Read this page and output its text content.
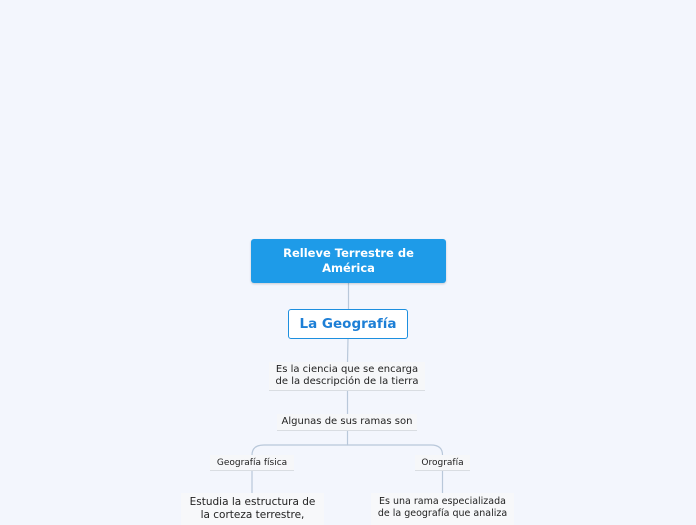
Relleve Terrestre de América
La Geografía
Es la ciencia que se encarga de la descripción de la tierra
Algunas de sus ramas son
Geografía física	Orografía
Estudia la estructura de la corteza terrestre,
Es una rama especializada de la geografía que analiza
